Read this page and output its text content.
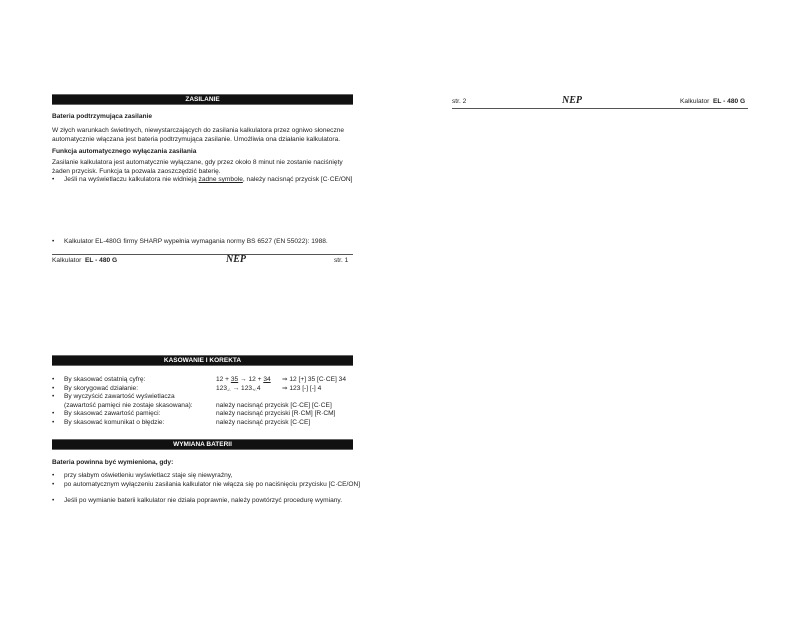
ZASILANIE
Bateria podtrzymująca zasilanie
W złych warunkach świetlnych, niewystarczających do zasilania kalkulatora przez ogniwo słoneczne
automatycznie włączana jest bateria podtrzymująca zasilanie. Umożliwia ona działanie kalkulatora.
Funkcja automatycznego wyłączania zasilania
Zasilanie kalkulatora jest automatycznie wyłączane, gdy przez około 8 minut nie zostanie naciśnięty
żaden przycisk. Funkcja ta pozwala zaoszczędzić baterię.
• Jeśli na wyświetlaczu kalkulatora nie widnieją żadne symbole, należy nacisnąć przycisk [C·CE/ON]
• Kalkulator EL-480G firmy SHARP wypełnia wymagania normy BS 6527 (EN 55022): 1988.
Kalkulator EL - 480 G	NEP	str. 1
str. 2	NEP	Kalkulator EL - 480 G
KASOWANIE I KOREKTA
• By skasować ostatnią cyfrę:	12 + 35 → 12 + 34 ⇒ 12 [+] 35 [C·CE] 34
• By skorygować działanie:	$123_{-/-} \to 123_{+/-}4$	⇒ 123 [-] [-] 4
• By wyczyścić zawartość wyświetlacza
(zawartość pamięci nie zostaje skasowana):	należy nacisnąć przycisk [C·CE] [C·CE]
• By skasować zawartość pamięci:	należy nacisnąć przyciski [R·CM] [R·CM]
• By skasować komunikat o błędzie:	należy nacisnąć przycisk [C·CE]
WYMIANA BATERII
Bateria powinna być wymieniona, gdy:
• przy słabym oświetleniu wyświetlacz staje się niewyraźny,
• po automatycznym wyłączeniu zasilania kalkulator nie włącza się po naciśnięciu przycisku [C·CE/ON]
• Jeśli po wymianie baterii kalkulator nie działa poprawnie, należy powtórzyć procedurę wymiany.
